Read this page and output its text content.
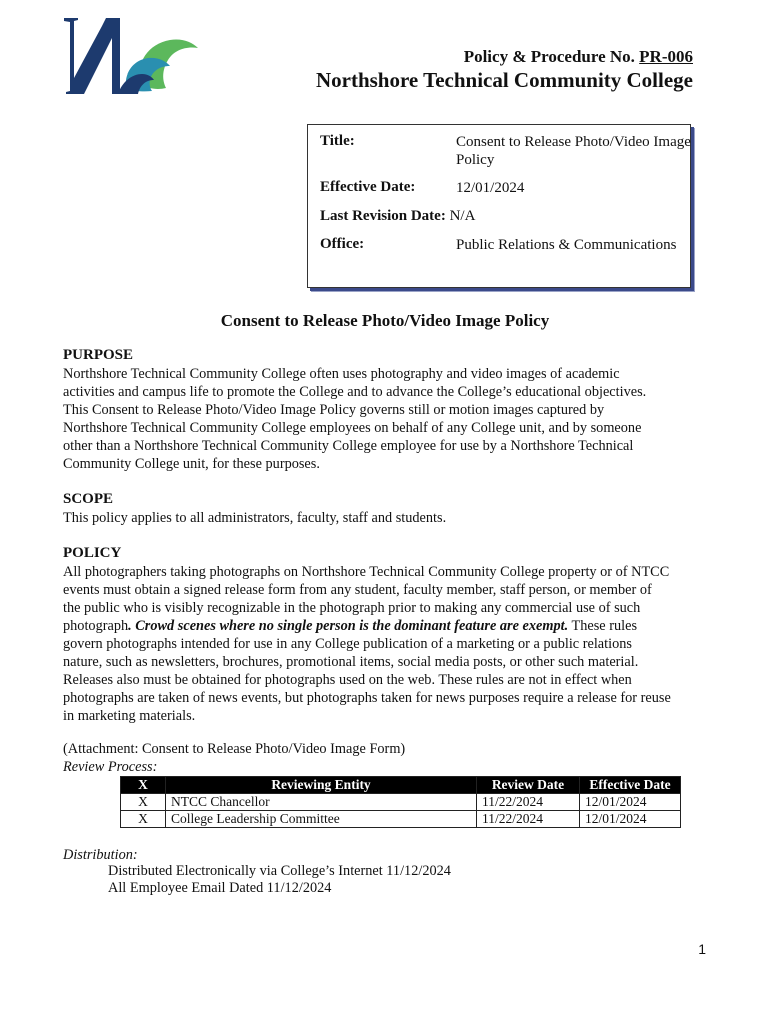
Policy & Procedure No. PR-006
Northshore Technical Community College
Title:	Consent to Release Photo/Video Image Policy
Effective Date:	12/01/2024
Last Revision Date: N/A
Office:	Public Relations & Communications
Consent to Release Photo/Video Image Policy
PURPOSE
Northshore Technical Community College often uses photography and video images of academic
activities and campus life to promote the College and to advance the College’s educational objectives.
This Consent to Release Photo/Video Image Policy governs still or motion images captured by
Northshore Technical Community College employees on behalf of any College unit, and by someone
other than a Northshore Technical Community College employee for use by a Northshore Technical
Community College unit, for these purposes.
SCOPE
This policy applies to all administrators, faculty, staff and students.
POLICY
All photographers taking photographs on Northshore Technical Community College property or of NTCC
events must obtain a signed release form from any student, faculty member, staff person, or member of
the public who is visibly recognizable in the photograph prior to making any commercial use of such
photograph. Crowd scenes where no single person is the dominant feature are exempt. These rules
govern photographs intended for use in any College publication of a marketing or a public relations
nature, such as newsletters, brochures, promotional items, social media posts, or other such material.
Releases also must be obtained for photographs used on the web. These rules are not in effect when
photographs are taken of news events, but photographs taken for news purposes require a release for reuse
in marketing materials.
(Attachment: Consent to Release Photo/Video Image Form)
Review Process:
X	Reviewing Entity	Review Date	Effective Date
X	NTCC Chancellor	11/22/2024	12/01/2024
X	College Leadership Committee	11/22/2024	12/01/2024
Distribution:
Distributed Electronically via College’s Internet 11/12/2024
All Employee Email Dated 11/12/2024
1
